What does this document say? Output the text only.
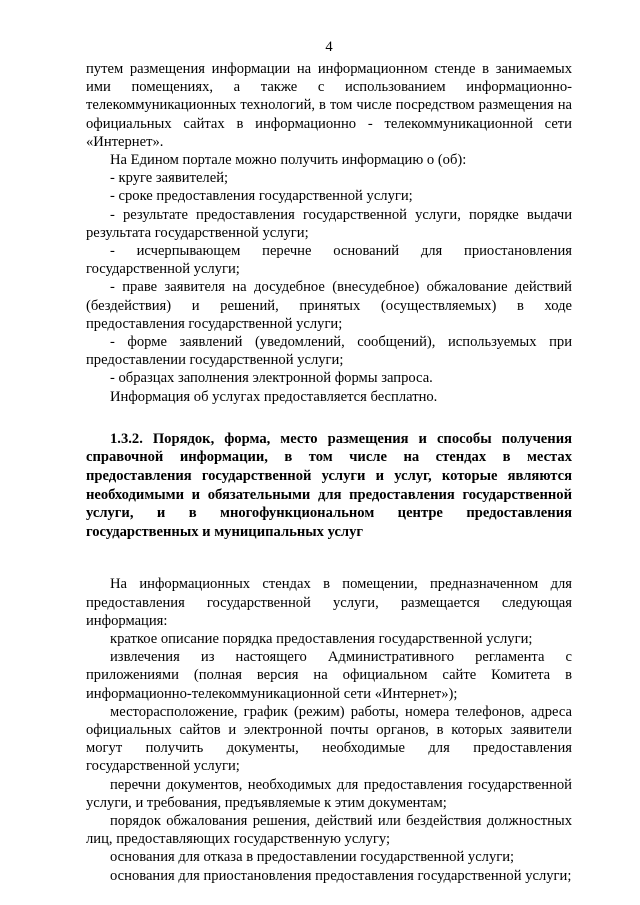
4

путем размещения информации на информационном стенде в занимаемых ими помещениях, а также с использованием информационно-телекоммуникационных технологий, в том числе посредством размещения на официальных сайтах в информационно - телекоммуникационной сети «Интернет».

На Едином портале можно получить информацию о (об):

- круге заявителей;

- сроке предоставления государственной услуги;

- результате предоставления государственной услуги, порядке выдачи результата государственной услуги;

- исчерпывающем перечне оснований для приостановления государственной услуги;

- праве заявителя на досудебное (внесудебное) обжалование действий (бездействия) и решений, принятых (осуществляемых) в ходе предоставления государственной услуги;

- форме заявлений (уведомлений, сообщений), используемых при предоставлении государственной услуги;

- образцах заполнения электронной формы запроса.

Информация об услугах предоставляется бесплатно.

1.3.2. Порядок, форма, место размещения и способы получения справочной информации, в том числе на стендах в местах предоставления государственной услуги и услуг, которые являются необходимыми и обязательными для предоставления государственной услуги, и в многофункциональном центре предоставления государственных и муниципальных услуг

На информационных стендах в помещении, предназначенном для предоставления государственной услуги, размещается следующая информация:

краткое описание порядка предоставления государственной услуги;

извлечения из настоящего Административного регламента с приложениями (полная версия на официальном сайте Комитета в информационно-телекоммуникационной сети «Интернет»);

месторасположение, график (режим) работы, номера телефонов, адреса официальных сайтов и электронной почты органов, в которых заявители могут получить документы, необходимые для предоставления государственной услуги;

перечни документов, необходимых для предоставления государственной услуги, и требования, предъявляемые к этим документам;

порядок обжалования решения, действий или бездействия должностных лиц, предоставляющих государственную услугу;

основания для отказа в предоставлении государственной услуги;

основания для приостановления предоставления государственной услуги;
